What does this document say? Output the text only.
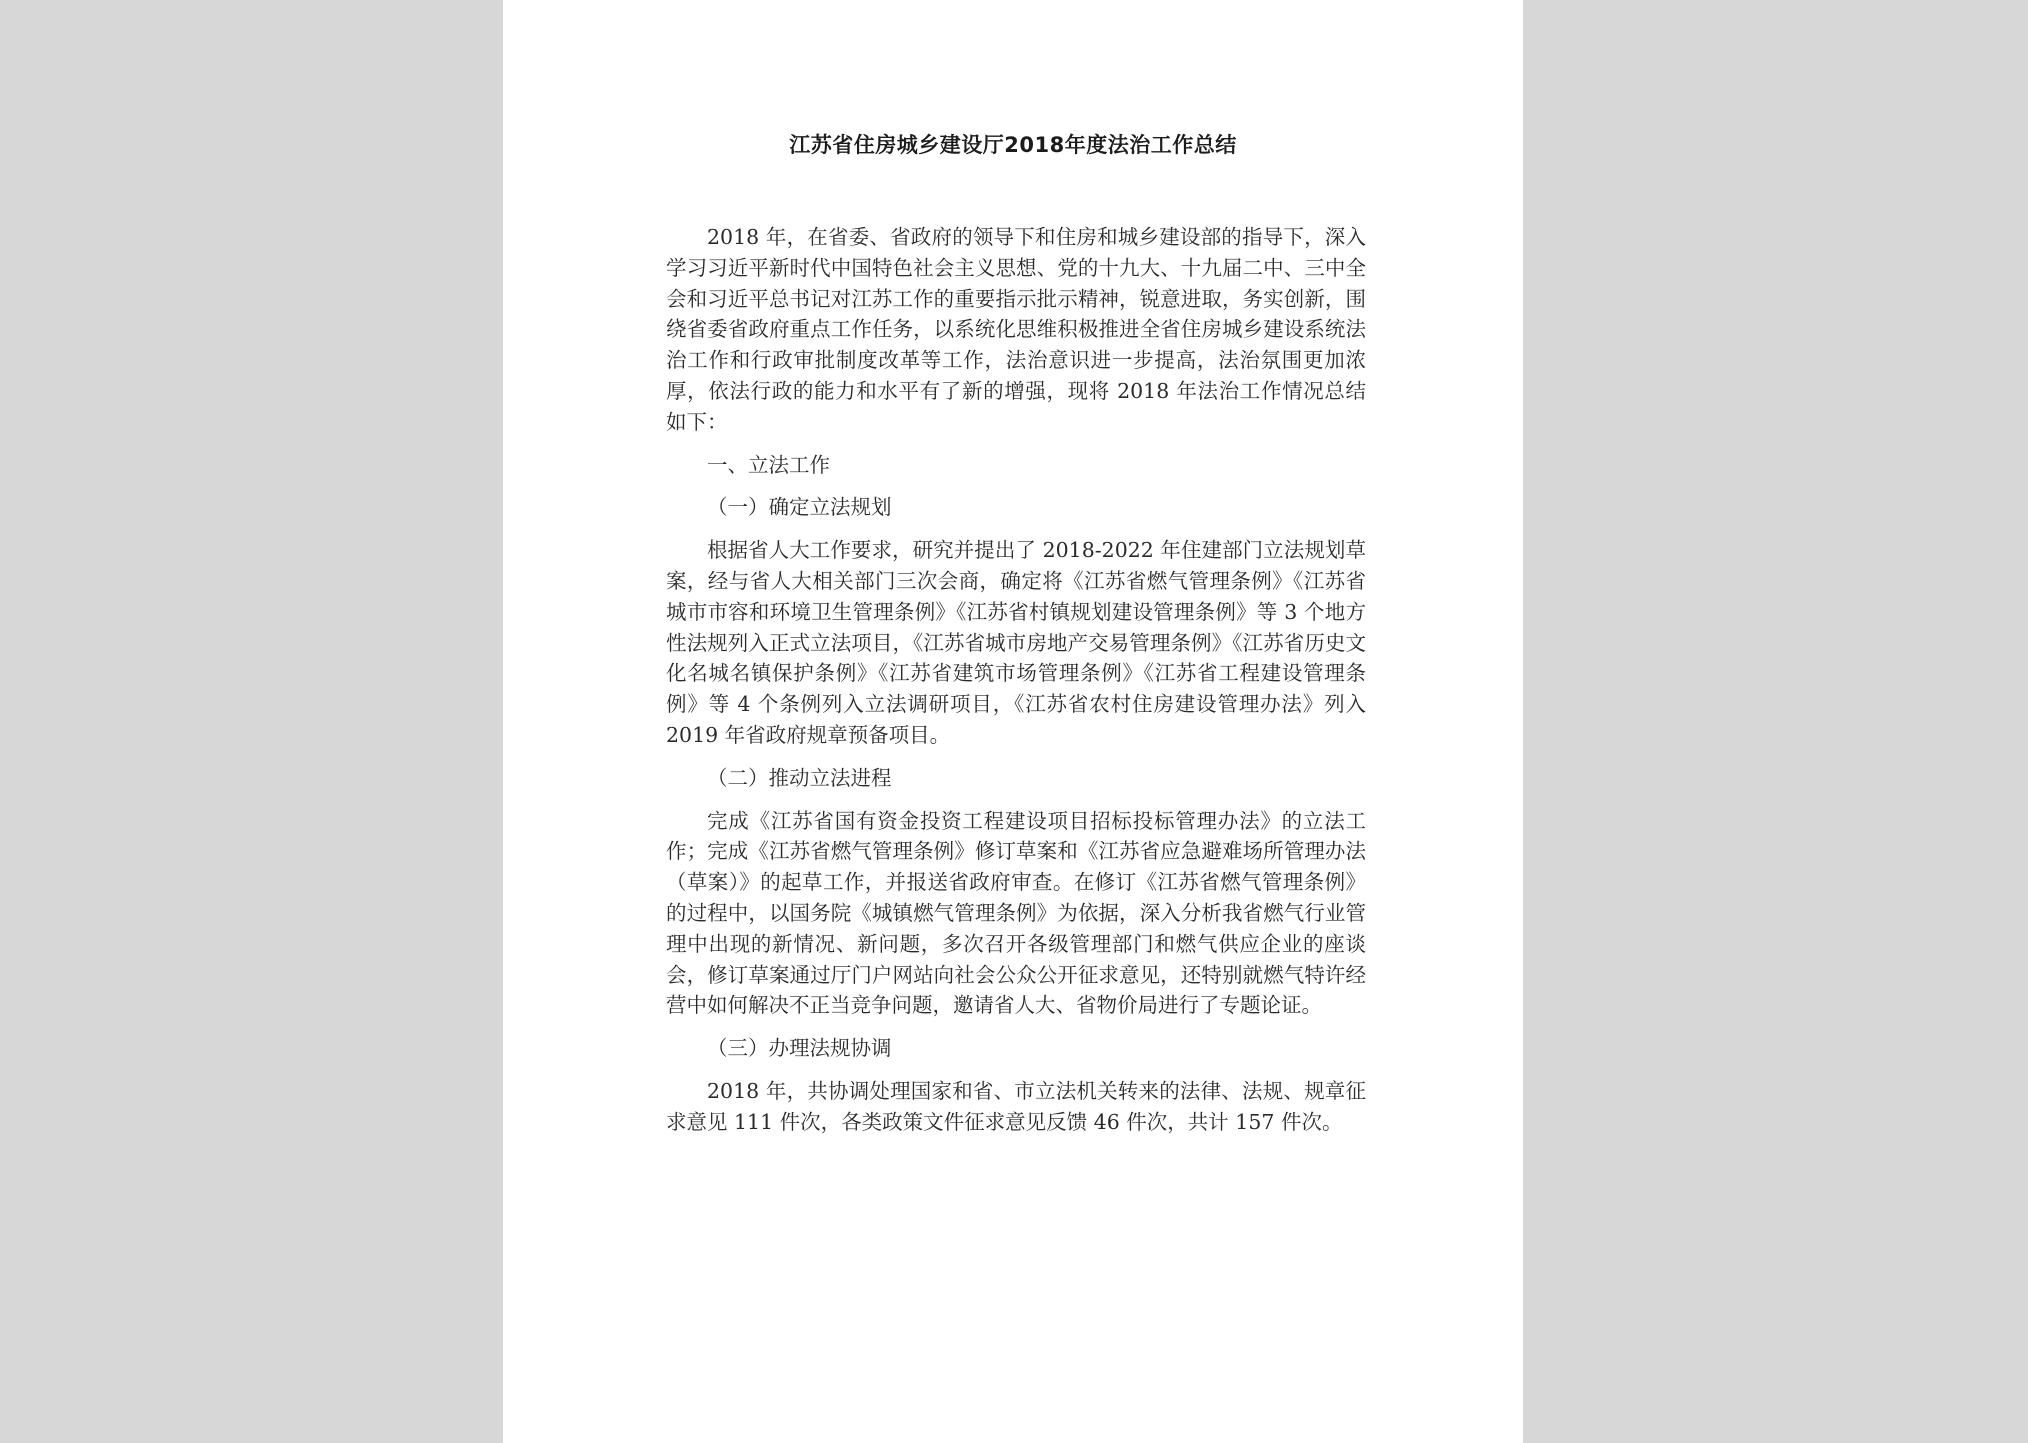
江苏省住房城乡建设厅2018年度法治工作总结

2018 年，在省委、省政府的领导下和住房和城乡建设部的指导下，深入学习习近平新时代中国特色社会主义思想、党的十九大、十九届二中、三中全会和习近平总书记对江苏工作的重要指示批示精神，锐意进取，务实创新，围绕省委省政府重点工作任务，以系统化思维积极推进全省住房城乡建设系统法治工作和行政审批制度改革等工作，法治意识进一步提高，法治氛围更加浓厚，依法行政的能力和水平有了新的增强，现将 2018 年法治工作情况总结如下：

一、立法工作

（一）确定立法规划

根据省人大工作要求，研究并提出了 2018-2022 年住建部门立法规划草案，经与省人大相关部门三次会商，确定将《江苏省燃气管理条例》《江苏省城市市容和环境卫生管理条例》《江苏省村镇规划建设管理条例》等 3 个地方性法规列入正式立法项目，《江苏省城市房地产交易管理条例》《江苏省历史文化名城名镇保护条例》《江苏省建筑市场管理条例》《江苏省工程建设管理条例》等 4 个条例列入立法调研项目，《江苏省农村住房建设管理办法》列入 2019 年省政府规章预备项目。

（二）推动立法进程

完成《江苏省国有资金投资工程建设项目招标投标管理办法》的立法工作；完成《江苏省燃气管理条例》修订草案和《江苏省应急避难场所管理办法（草案）》的起草工作，并报送省政府审查。在修订《江苏省燃气管理条例》的过程中，以国务院《城镇燃气管理条例》为依据，深入分析我省燃气行业管理中出现的新情况、新问题，多次召开各级管理部门和燃气供应企业的座谈会，修订草案通过厅门户网站向社会公众公开征求意见，还特别就燃气特许经营中如何解决不正当竞争问题，邀请省人大、省物价局进行了专题论证。

（三）办理法规协调

2018 年，共协调处理国家和省、市立法机关转来的法律、法规、规章征求意见 111 件次，各类政策文件征求意见反馈 46 件次，共计 157 件次。
